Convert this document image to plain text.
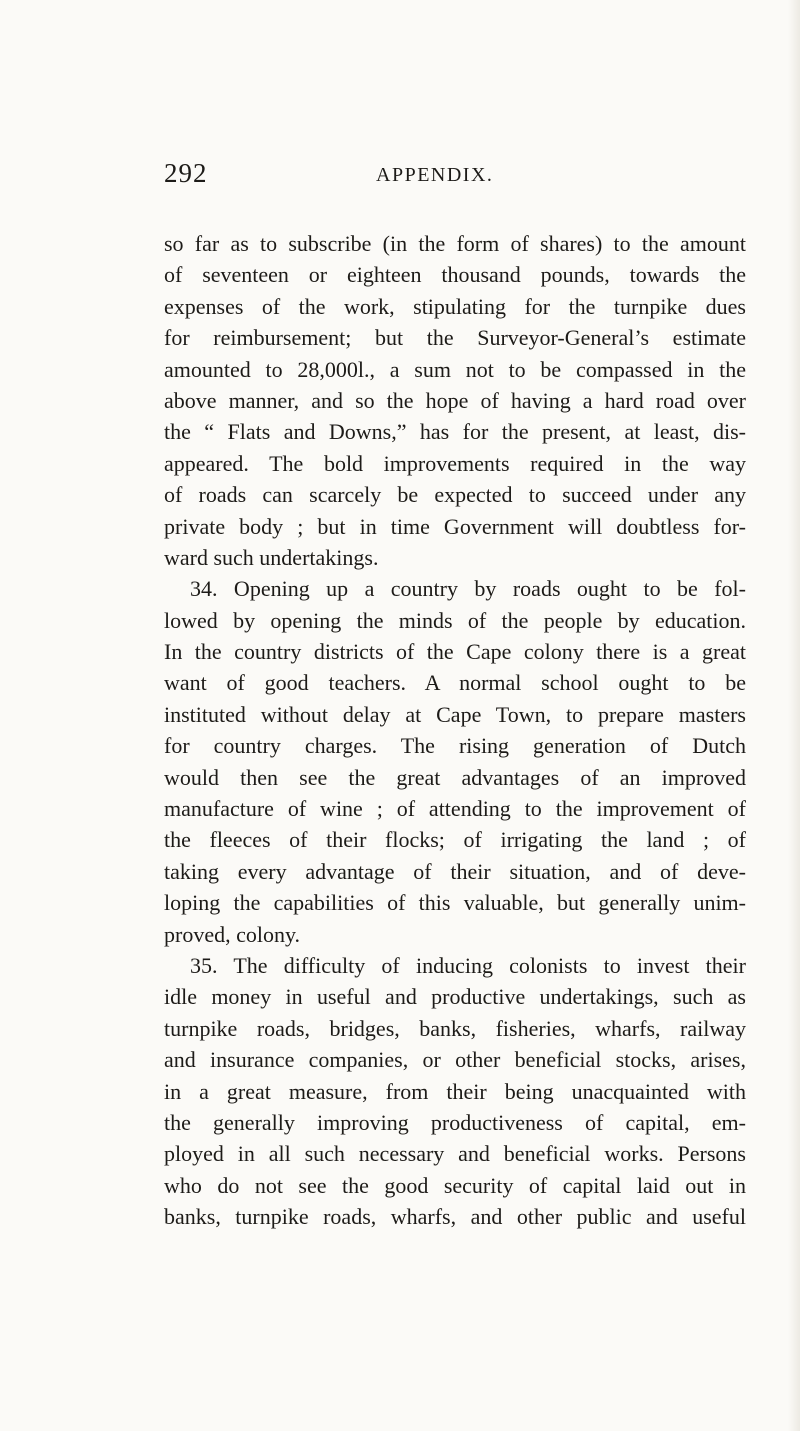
292	APPENDIX.
so far as to subscribe (in the form of shares) to the amount
of seventeen or eighteen thousand pounds, towards the
expenses of the work, stipulating for the turnpike dues
for reimbursement; but the Surveyor-General’s estimate
amounted to 28,000l., a sum not to be compassed in the
above manner, and so the hope of having a hard road over
the “ Flats and Downs,” has for the present, at least, dis-
appeared. The bold improvements required in the way
of roads can scarcely be expected to succeed under any
private body ; but in time Government will doubtless for-
ward such undertakings.
34. Opening up a country by roads ought to be fol-
lowed by opening the minds of the people by education.
In the country districts of the Cape colony there is a great
want of good teachers. A normal school ought to be
instituted without delay at Cape Town, to prepare masters
for country charges. The rising generation of Dutch
would then see the great advantages of an improved
manufacture of wine ; of attending to the improvement of
the fleeces of their flocks; of irrigating the land ; of
taking every advantage of their situation, and of deve-
loping the capabilities of this valuable, but generally unim-
proved, colony.
35. The difficulty of inducing colonists to invest their
idle money in useful and productive undertakings, such as
turnpike roads, bridges, banks, fisheries, wharfs, railway
and insurance companies, or other beneficial stocks, arises,
in a great measure, from their being unacquainted with
the generally improving productiveness of capital, em-
ployed in all such necessary and beneficial works. Persons
who do not see the good security of capital laid out in
banks, turnpike roads, wharfs, and other public and useful
